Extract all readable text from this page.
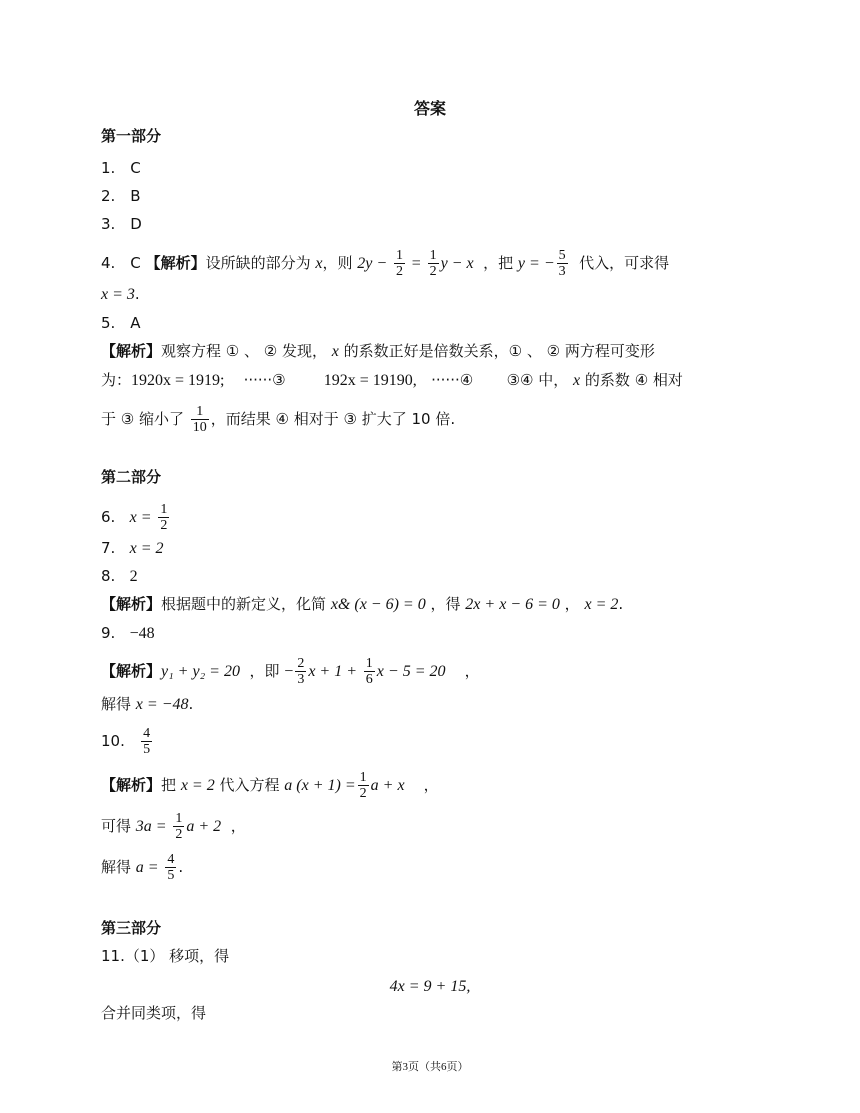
答案
第一部分
1.　C
2.　B
3.　D
4.　C 【解析】设所缺的部分为 x，则 $2y - \frac{1}{2} = \frac{1}{2}$ y − x ，把 y = − $\frac{5}{3}$ 代入，可求得
x = 3.
5.　A
【解析】观察方程 ① 、 ② 发现， x 的系数正好是倍数关系，① 、 ② 两方程可变形
为：1920x = 1919; ······③ 192x = 19190, ······④ ③④ 中， x 的系数 ④ 相对
于 ③ 缩小了 $\frac{1}{10}$ ，而结果 ④ 相对于 ③ 扩大了 10 倍.
第二部分
6. $x = \frac{1}{2}$
7. x = 2
8. 2
【解析】根据题中的新定义，化简 x& (x − 6) = 0 ，得 2x + x − 6 = 0 ， x = 2.
9. −48
【解析】y₁ + y₂ = 20 ，即 − $\frac{2}{3}$ $x + 1 + \frac{1}{6}$ x − 5 = 20 ，
解得 x = −48.
10. $\frac{4}{5}$
【解析】把 x = 2 代入方程 a $(x + 1) = \frac{1}{2}$ a + x ，
可得 $3a = \frac{1}{2}$ a + 2 ，
解得 $a = \frac{4}{5}$ .
第三部分
11.（1） 移项，得
4x = 9 + 15,
合并同类项，得
第3页（共6页）
